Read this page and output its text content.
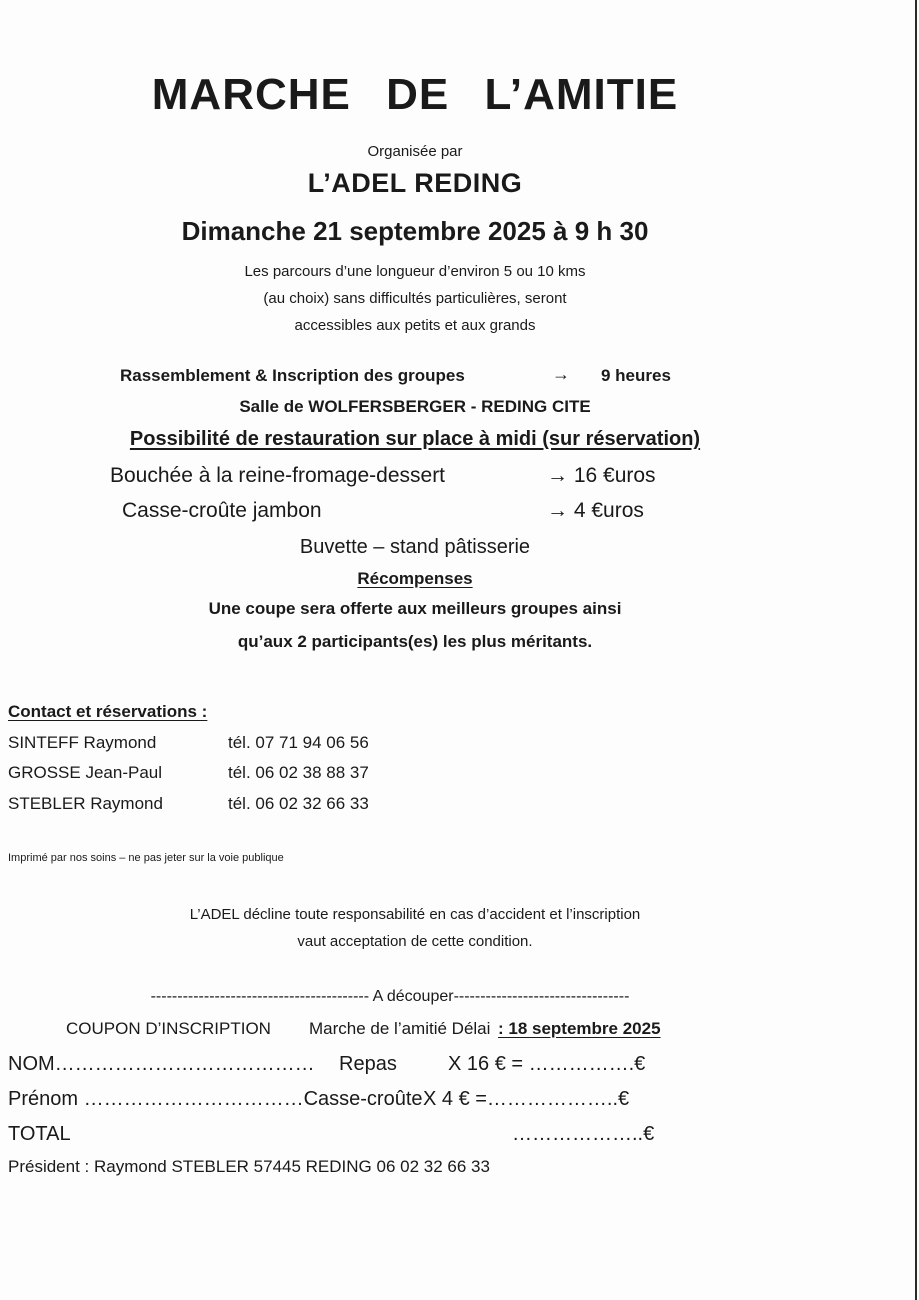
MARCHE DE L’AMITIE
Organisée par
L’ADEL REDING
Dimanche 21 septembre 2025 à 9 h 30
Les parcours d’une longueur d’environ 5 ou 10 kms
(au choix) sans difficultés particulières, seront
accessibles aux petits et aux grands
Rassemblement & Inscription des groupes	→ 9 heures
Salle de WOLFERSBERGER - REDING CITE
Possibilité de restauration sur place à midi (sur réservation)
Bouchée à la reine-fromage-dessert	→ 16 €uros
Casse-croûte jambon	→ 4 €uros
Buvette – stand pâtisserie
Récompenses
Une coupe sera offerte aux meilleurs groupes ainsi
qu’aux 2 participants(es) les plus méritants.
Contact et réservations :
SINTEFF Raymond	tél. 07 71 94 06 56
GROSSE Jean-Paul	tél. 06 02 38 88 37
STEBLER Raymond	tél. 06 02 32 66 33
Imprimé par nos soins – ne pas jeter sur la voie publique
L’ADEL décline toute responsabilité en cas d’accident et l’inscription
vaut acceptation de cette condition.
----------------------------------------- A découper---------------------------------
COUPON D’INSCRIPTION Marche de l’amitié Délai : 18 septembre 2025
NOM………………………………… Repas	X 16 € = …………….€
Prénom ……………………………Casse-croûte X 4 € =………………..€
TOTAL	………………..€
Président : Raymond STEBLER 57445 REDING 06 02 32 66 33
